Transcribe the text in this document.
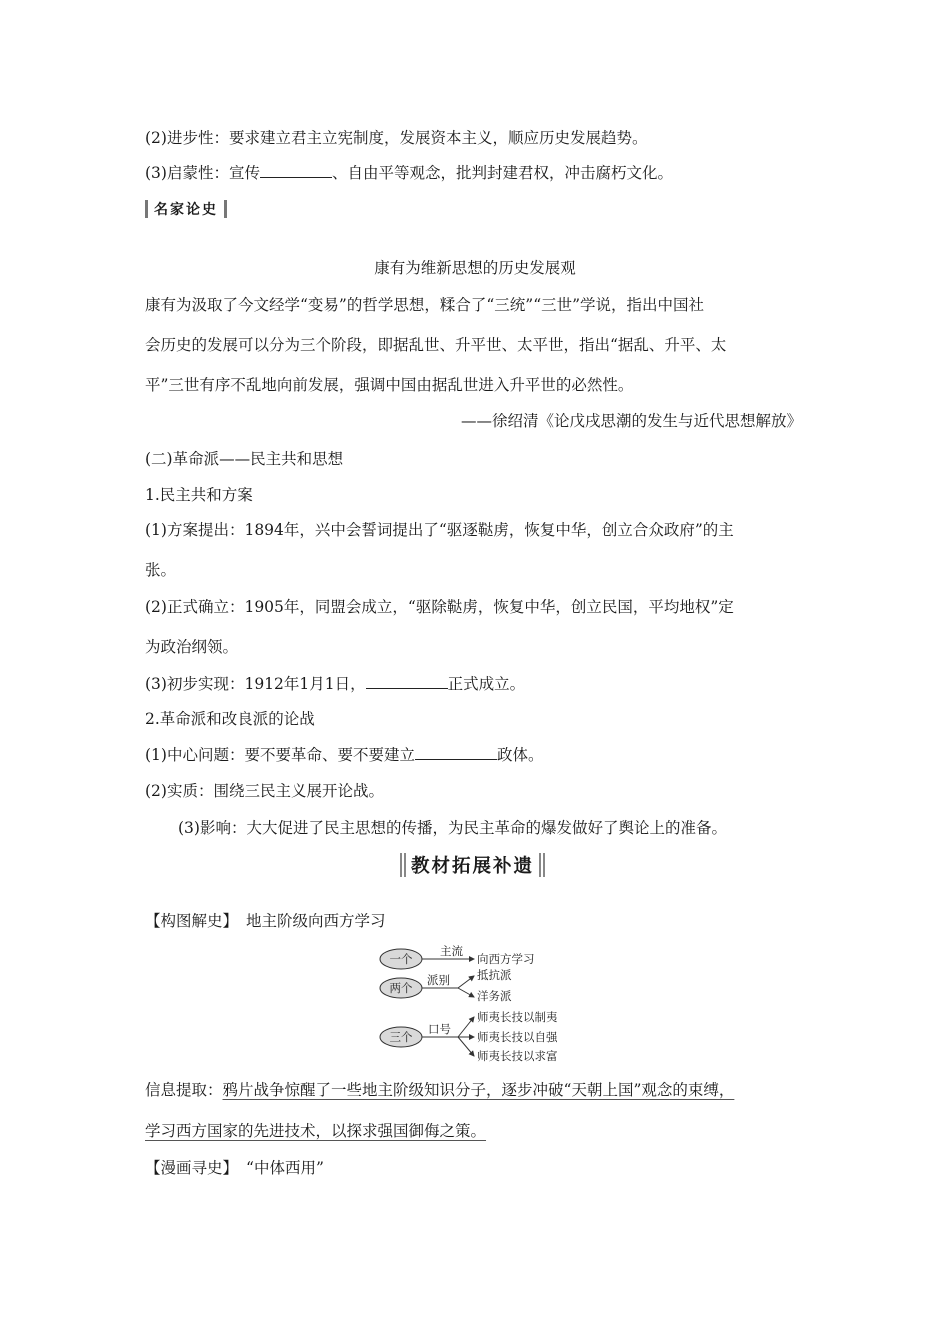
(2)进步性：要求建立君主立宪制度，发展资本主义，顺应历史发展趋势。
(3)启蒙性：宣传	、自由平等观念，批判封建君权，冲击腐朽文化。
名家论史
康有为维新思想的历史发展观
康有为汲取了今文经学“变易”的哲学思想，糅合了“三统”“三世”学说，指出中国社
会历史的发展可以分为三个阶段，即据乱世、升平世、太平世，指出“据乱、升平、太
平”三世有序不乱地向前发展，强调中国由据乱世进入升平世的必然性。
——徐绍清《论戊戌思潮的发生与近代思想解放》
(二)革命派——民主共和思想
1.民主共和方案
(1)方案提出：1894年，兴中会誓词提出了“驱逐鞑虏，恢复中华，创立合众政府”的主
张。
(2)正式确立：1905年，同盟会成立，“驱除鞑虏，恢复中华，创立民国，平均地权”定
为政治纲领。
(3)初步实现：1912年1月1日，	正式成立。
2.革命派和改良派的论战
(1)中心问题：要不要革命、要不要建立	政体。
(2)实质：围绕三民主义展开论战。
(3)影响：大大促进了民主思想的传播，为民主革命的爆发做好了舆论上的准备。
教材拓展补遗
【构图解史】 地主阶级向西方学习
一个
主流
向西方学习
两个
派别 抵抗派
洋务派
三个
口号
师夷长技以制夷
师夷长技以自强
师夷长技以求富
信息提取：鸦片战争惊醒了一些地主阶级知识分子，逐步冲破“天朝上国”观念的束缚，
学习西方国家的先进技术，以探求强国御侮之策。
【漫画寻史】 “中体西用”
